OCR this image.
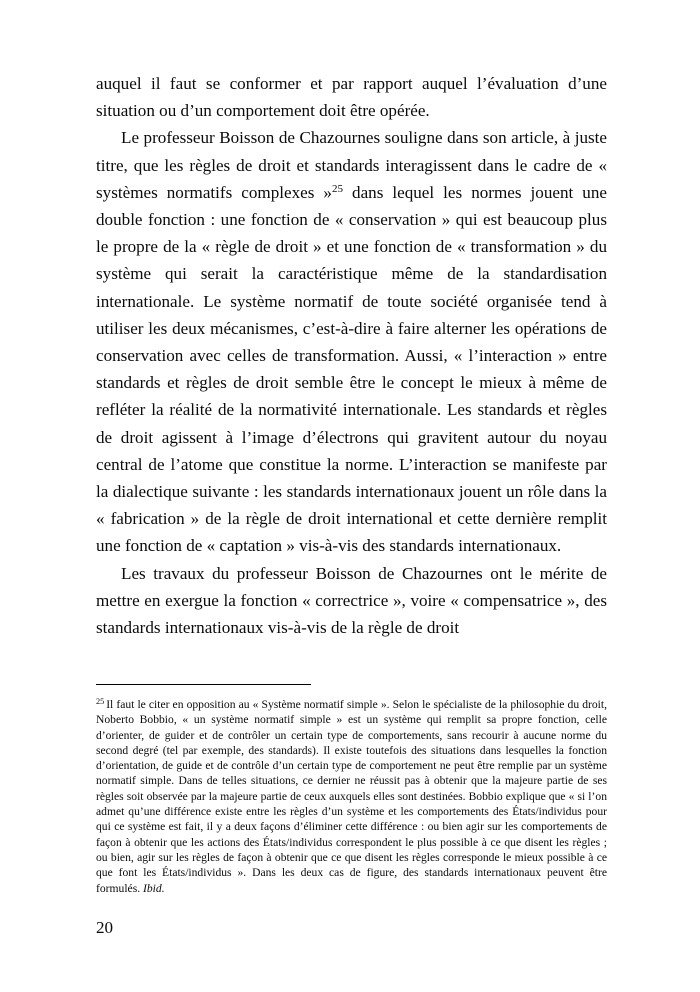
auquel il faut se conformer et par rapport auquel l’évaluation d’une situation ou d’un comportement doit être opérée.

Le professeur Boisson de Chazournes souligne dans son article, à juste titre, que les règles de droit et standards interagissent dans le cadre de « systèmes normatifs complexes »$^{25}$ dans lequel les normes jouent une double fonction : une fonction de « conservation » qui est beaucoup plus le propre de la « règle de droit » et une fonction de « transformation » du système qui serait la caractéristique même de la standardisation internationale. Le système normatif de toute société organisée tend à utiliser les deux mécanismes, c’est-à-dire à faire alterner les opérations de conservation avec celles de transformation. Aussi, « l’interaction » entre standards et règles de droit semble être le concept le mieux à même de refléter la réalité de la normativité internationale. Les standards et règles de droit agissent à l’image d’électrons qui gravitent autour du noyau central de l’atome que constitue la norme. L’interaction se manifeste par la dialectique suivante : les standards internationaux jouent un rôle dans la « fabrication » de la règle de droit international et cette dernière remplit une fonction de « captation » vis-à-vis des standards internationaux.

Les travaux du professeur Boisson de Chazournes ont le mérite de mettre en exergue la fonction « correctrice », voire « compensatrice », des standards internationaux vis-à-vis de la règle de droit

$^{25}$ Il faut le citer en opposition au « Système normatif simple ». Selon le spécialiste de la philosophie du droit, Noberto Bobbio, « un système normatif simple » est un système qui remplit sa propre fonction, celle d’orienter, de guider et de contrôler un certain type de comportements, sans recourir à aucune norme du second degré (tel par exemple, des standards). Il existe toutefois des situations dans lesquelles la fonction d’orientation, de guide et de contrôle d’un certain type de comportement ne peut être remplie par un système normatif simple. Dans de telles situations, ce dernier ne réussit pas à obtenir que la majeure partie de ses règles soit observée par la majeure partie de ceux auxquels elles sont destinées. Bobbio explique que « si l’on admet qu’une différence existe entre les règles d’un système et les comportements des États/individus pour qui ce système est fait, il y a deux façons d’éliminer cette différence : ou bien agir sur les comportements de façon à obtenir que les actions des États/individus correspondent le plus possible à ce que disent les règles ; ou bien, agir sur les règles de façon à obtenir que ce que disent les règles corresponde le mieux possible à ce que font les États/individus ». Dans les deux cas de figure, des standards internationaux peuvent être formulés. Ibid.

20
